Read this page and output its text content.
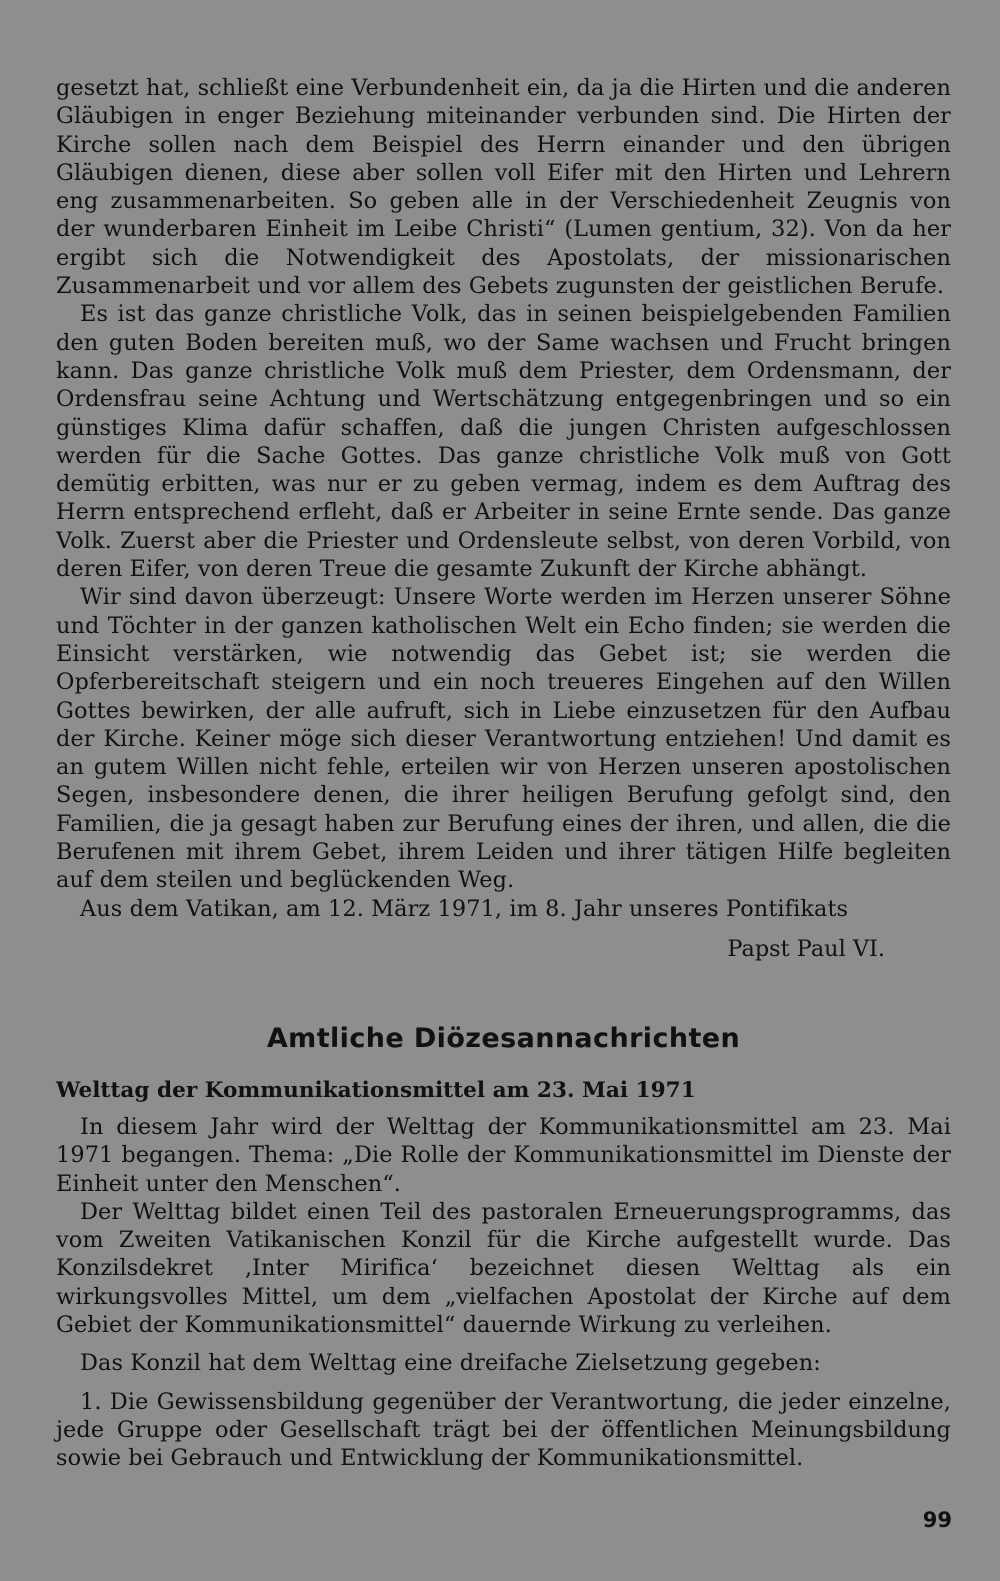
gesetzt hat, schließt eine Verbundenheit ein, da ja die Hirten und die anderen Gläubigen in enger Beziehung miteinander verbunden sind. Die Hirten der Kirche sollen nach dem Beispiel des Herrn einander und den übrigen Gläubigen dienen, diese aber sollen voll Eifer mit den Hirten und Lehrern eng zusammenarbeiten. So geben alle in der Verschiedenheit Zeugnis von der wunderbaren Einheit im Leibe Christi“ (Lumen gentium, 32). Von da her ergibt sich die Notwendigkeit des Apostolats, der missionarischen Zusammenarbeit und vor allem des Gebets zugunsten der geistlichen Berufe.

Es ist das ganze christliche Volk, das in seinen beispielgebenden Familien den guten Boden bereiten muß, wo der Same wachsen und Frucht bringen kann. Das ganze christliche Volk muß dem Priester, dem Ordensmann, der Ordensfrau seine Achtung und Wertschätzung entgegenbringen und so ein günstiges Klima dafür schaffen, daß die jungen Christen aufgeschlossen werden für die Sache Gottes. Das ganze christliche Volk muß von Gott demütig erbitten, was nur er zu geben vermag, indem es dem Auftrag des Herrn entsprechend erfleht, daß er Arbeiter in seine Ernte sende. Das ganze Volk. Zuerst aber die Priester und Ordensleute selbst, von deren Vorbild, von deren Eifer, von deren Treue die gesamte Zukunft der Kirche abhängt.

Wir sind davon überzeugt: Unsere Worte werden im Herzen unserer Söhne und Töchter in der ganzen katholischen Welt ein Echo finden; sie werden die Einsicht verstärken, wie notwendig das Gebet ist; sie werden die Opferbereitschaft steigern und ein noch treueres Eingehen auf den Willen Gottes bewirken, der alle aufruft, sich in Liebe einzusetzen für den Aufbau der Kirche. Keiner möge sich dieser Verantwortung entziehen! Und damit es an gutem Willen nicht fehle, erteilen wir von Herzen unseren apostolischen Segen, insbesondere denen, die ihrer heiligen Berufung gefolgt sind, den Familien, die ja gesagt haben zur Berufung eines der ihren, und allen, die die Berufenen mit ihrem Gebet, ihrem Leiden und ihrer tätigen Hilfe begleiten auf dem steilen und beglückenden Weg.

Aus dem Vatikan, am 12. März 1971, im 8. Jahr unseres Pontifikats

Papst Paul VI.
Amtliche Diözesannachrichten
Welttag der Kommunikationsmittel am 23. Mai 1971

In diesem Jahr wird der Welttag der Kommunikationsmittel am 23. Mai 1971 begangen. Thema: „Die Rolle der Kommunikationsmittel im Dienste der Einheit unter den Menschen“.

Der Welttag bildet einen Teil des pastoralen Erneuerungsprogramms, das vom Zweiten Vatikanischen Konzil für die Kirche aufgestellt wurde. Das Konzilsdekret ‚Inter Mirifica‘ bezeichnet diesen Welttag als ein wirkungsvolles Mittel, um dem „vielfachen Apostolat der Kirche auf dem Gebiet der Kommunikationsmittel“ dauernde Wirkung zu verleihen.

Das Konzil hat dem Welttag eine dreifache Zielsetzung gegeben:

1. Die Gewissensbildung gegenüber der Verantwortung, die jeder einzelne, jede Gruppe oder Gesellschaft trägt bei der öffentlichen Meinungsbildung sowie bei Gebrauch und Entwicklung der Kommunikationsmittel.

99
